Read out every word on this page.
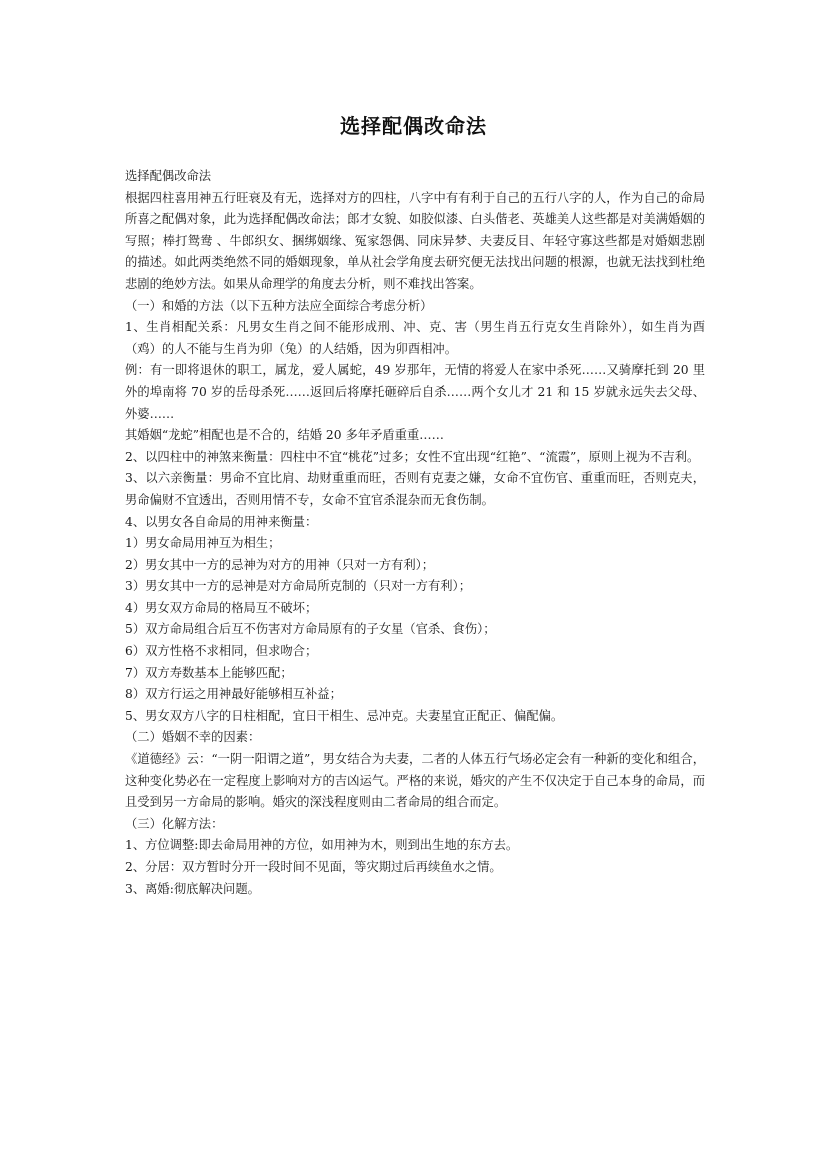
选择配偶改命法

选择配偶改命法

根据四柱喜用神五行旺衰及有无，选择对方的四柱，八字中有有利于自己的五行八字的人，作为自己的命局所喜之配偶对象，此为选择配偶改命法；郎才女貌、如胶似漆、白头偕老、英雄美人这些都是对美满婚姻的写照；棒打鸳鸯 、牛郎织女、捆绑姻缘、冤家怨偶、同床异梦、夫妻反目、年轻守寡这些都是对婚姻悲剧的描述。如此两类绝然不同的婚姻现象，单从社会学角度去研究便无法找出问题的根源，也就无法找到杜绝悲剧的绝妙方法。如果从命理学的角度去分析，则不难找出答案。

（一）和婚的方法（以下五种方法应全面综合考虑分析）

1、生肖相配关系：凡男女生肖之间不能形成刑、冲、克、害（男生肖五行克女生肖除外），如生肖为酉（鸡）的人不能与生肖为卯（兔）的人结婚，因为卯酉相冲。

例：有一即将退休的职工，属龙，爱人属蛇，49 岁那年，无情的将爱人在家中杀死……又骑摩托到 20 里外的埠南将 70 岁的岳母杀死……返回后将摩托砸碎后自杀……两个女儿才 21 和 15 岁就永远失去父母、外婆……

其婚姻“龙蛇”相配也是不合的，结婚 20 多年矛盾重重……

2、以四柱中的神煞来衡量：四柱中不宜“桃花”过多；女性不宜出现“红艳”、“流霞”，原则上视为不吉利。

3、以六亲衡量：男命不宜比肩、劫财重重而旺，否则有克妻之嫌，女命不宜伤官、重重而旺，否则克夫，男命偏财不宜透出，否则用情不专，女命不宜官杀混杂而无食伤制。

4、以男女各自命局的用神来衡量：

1）男女命局用神互为相生；

2）男女其中一方的忌神为对方的用神（只对一方有利）；

3）男女其中一方的忌神是对方命局所克制的（只对一方有利）；

4）男女双方命局的格局互不破坏；

5）双方命局组合后互不伤害对方命局原有的子女星（官杀、食伤）；

6）双方性格不求相同，但求吻合；

7）双方寿数基本上能够匹配；

8）双方行运之用神最好能够相互补益；

5、男女双方八字的日柱相配，宜日干相生、忌冲克。夫妻星宜正配正、偏配偏。

（二）婚姻不幸的因素：

《道德经》云：“一阴一阳谓之道”，男女结合为夫妻，二者的人体五行气场必定会有一种新的变化和组合，这种变化势必在一定程度上影响对方的吉凶运气。严格的来说，婚灾的产生不仅决定于自己本身的命局，而且受到另一方命局的影响。婚灾的深浅程度则由二者命局的组合而定。

（三）化解方法：

1、方位调整:即去命局用神的方位，如用神为木，则到出生地的东方去。

2、分居：双方暂时分开一段时间不见面，等灾期过后再续鱼水之情。

3、离婚:彻底解决问题。
